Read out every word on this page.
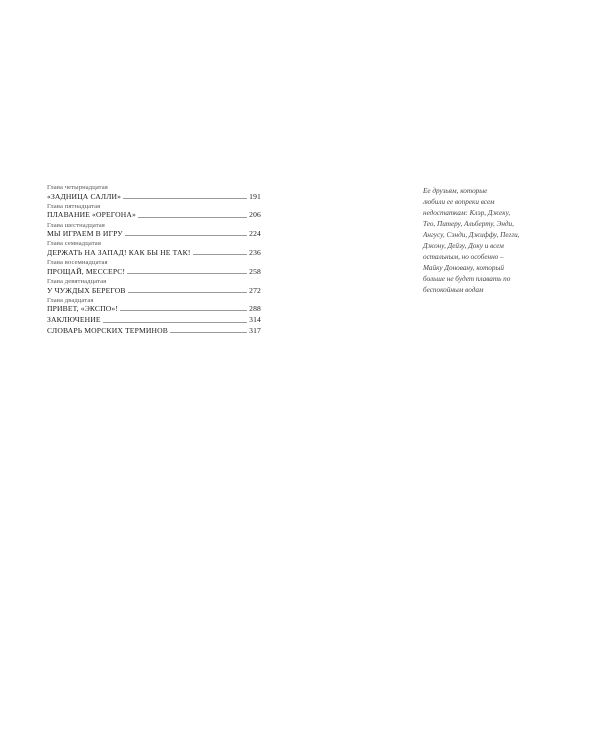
Глава четырнадцатая
«ЗАДНИЦА САЛЛИ»	191
Глава пятнадцатая
ПЛАВАНИЕ «ОРЕГОНА»	206
Глава шестнадцатая
МЫ ИГРАЕМ В ИГРУ	224
Глава семнадцатая
ДЕРЖАТЬ НА ЗАПАД! КАК БЫ НЕ ТАК!	236
Глава восемнадцатая
ПРОЩАЙ, МЕССЕРС!	258
Глава девятнадцатая
У ЧУЖДЫХ БЕРЕГОВ	272
Глава двадцатая
ПРИВЕТ, «ЭКСПО»!	288
ЗАКЛЮЧЕНИЕ	314
СЛОВАРЬ МОРСКИХ ТЕРМИНОВ	317
Ее друзьям, которые
любили ее вопреки всем
недостаткам: Клэр, Джеку,
Тео, Питеру, Альберту, Энди,
Ангусу, Сэнди, Джиффу, Пегги,
Джону, Дейзу, Доку и всем
остальным, но особенно –
Майку Доновану, который
больше не будет плавать по
беспокойным водам
